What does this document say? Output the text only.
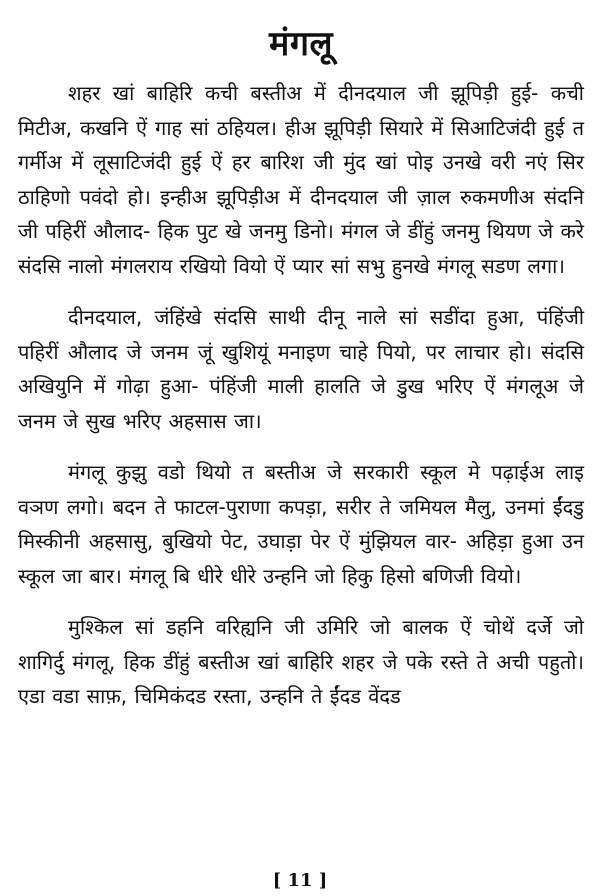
मंगलू

शहर खां बाहिरि कची बस्तीअ में दीनदयाल जी झूपिड़ी हुई- कची मिटीअ, कखनि ऐं गाह सां ठहियल। हीअ झूपिड़ी सियारे में सिआटिजंदी हुई त गर्मीअ में लूसाटिजंदी हुई ऐं हर बारिश जी मुंद खां पोइ उनखे वरी नएं सिर ठाहिणो पवंदो हो। इन्हीअ झूपिड़ीअ में दीनदयाल जी ज़ाल रुकमणीअ संदनि जी पहिरीं औलाद- हिक पुट खे जनमु डिनो। मंगल जे डींहुं जनमु थियण जे करे संदसि नालो मंगलराय रखियो वियो ऐं प्यार सां सभु हुनखे मंगलू सडण लगा।

दीनदयाल, जंहिंखे संदसि साथी दीनू नाले सां सडींदा हुआ, पंहिंजी पहिरीं औलाद जे जनम जूं खुशियूं मनाइण चाहे पियो, पर लाचार हो। संदसि अखियुनि में गोढ़ा हुआ- पंहिंजी माली हालति जे डुख भरिए ऐं मंगलूअ जे जनम जे सुख भरिए अहसास जा।

मंगलू कुझु वडो थियो त बस्तीअ जे सरकारी स्कूल मे पढ़ाईअ लाइ वञण लगो। बदन ते फाटल-पुराणा कपड़ा, सरीर ते जमियल मैलु, उनमां ईंदडु मिस्कीनी अहसासु, बुखियो पेट, उघाड़ा पेर ऐं मुंझियल वार- अहिड़ा हुआ उन स्कूल जा बार। मंगलू बि धीरे धीरे उन्हनि जो हिकु हिसो बणिजी वियो।

मुश्किल सां डहनि वरिह्यनि जी उमिरि जो बालक ऐं चोथें दर्जे जो शागिर्दु मंगलू, हिक डींहुं बस्तीअ खां बाहिरि शहर जे पके रस्ते ते अची पहुतो। एडा वडा साफ़, चिमिकंदड रस्ता, उन्हनि ते ईंदड वेंदड

[ 11 ]
